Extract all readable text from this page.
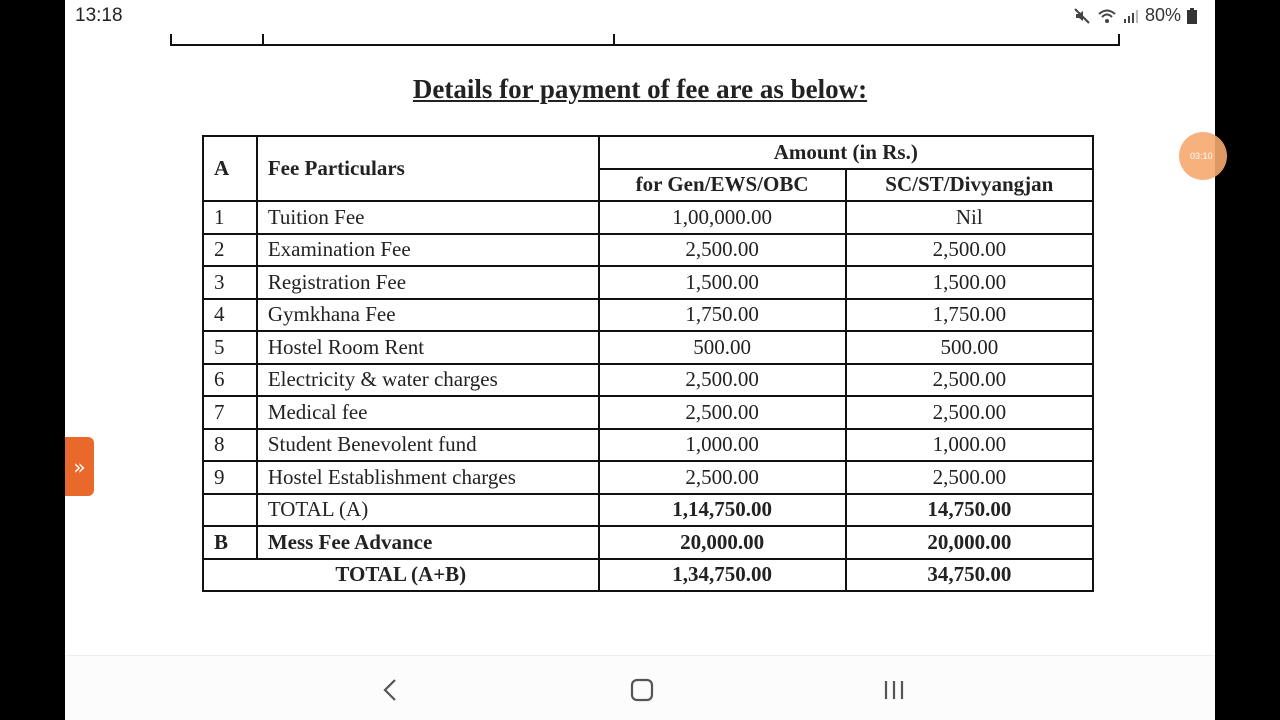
13:18	80%
Details for payment of fee are as below:
A	Fee Particulars	Amount (in Rs.)	
		for Gen/EWS/OBC	SC/ST/Divyangjan
1	Tuition Fee	1,00,000.00	Nil
2	Examination Fee	2,500.00	2,500.00
3	Registration Fee	1,500.00	1,500.00
4	Gymkhana Fee	1,750.00	1,750.00
5	Hostel Room Rent	500.00	500.00
6	Electricity & water charges	2,500.00	2,500.00
7	Medical fee	2,500.00	2,500.00
8	Student Benevolent fund	1,000.00	1,000.00
9	Hostel Establishment charges	2,500.00	2,500.00
	TOTAL (A)	1,14,750.00	14,750.00
B	Mess Fee Advance	20,000.00	20,000.00
TOTAL (A+B)		1,34,750.00	34,750.00
»
03:10
